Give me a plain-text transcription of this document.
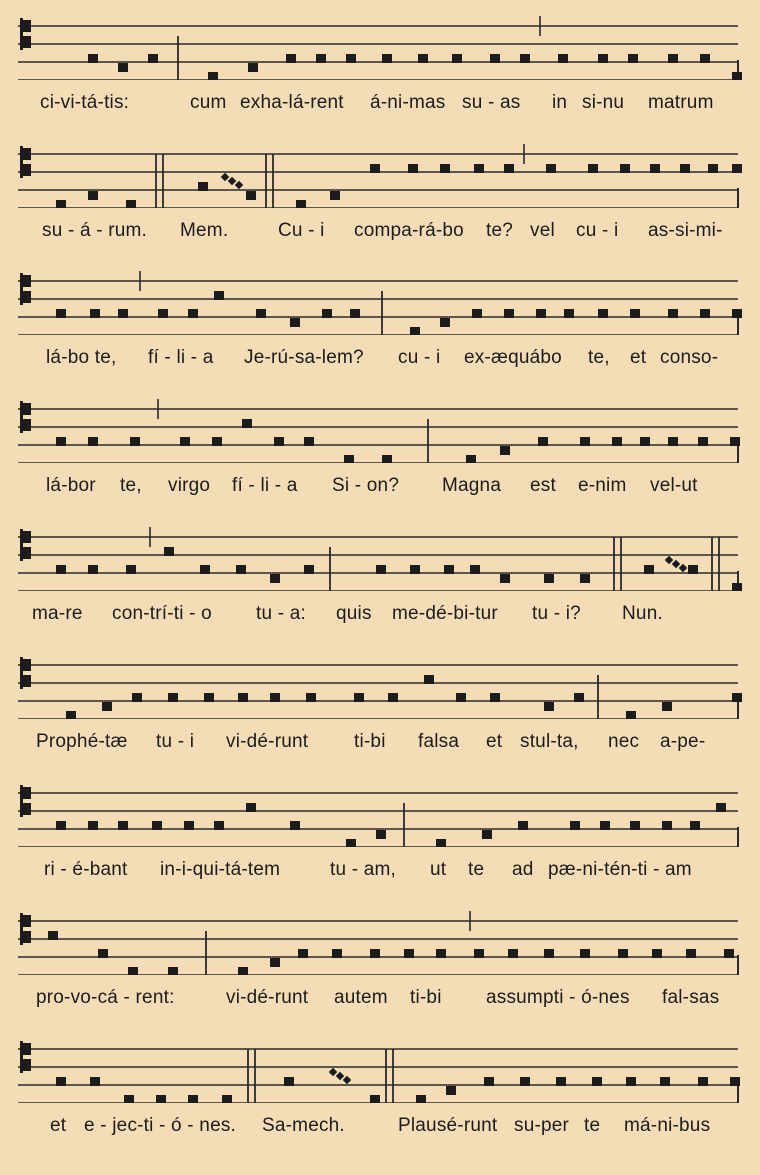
ci-vi-tá-tis:	cum exha-lá-rent á-ni-mas su - as in si-nu matrum
su - á - rum. Mem.	Cu - i compa-rá-bo te? vel cu - i as-si-mi-
lá-bo te, fí - li - a Je-rú-sa-lem? cu - i ex-æquábo te, et conso-
lá-bor te, virgo fí - li - a Si - on? Magna est e-nim vel-ut
ma-re con-trí-ti - o tu - a: quis me-dé-bi-tur tu - i? Nun.
Prophé-tæ tu - i vi-dé-runt ti-bi falsa et stul-ta, nec a-pe-
ri - é-bant in-i-qui-tá-tem	tu - am, ut te ad pæ-ni-tén-ti - am
pro-vo-cá - rent:	vi-dé-runt autem ti-bi assumpti - ó-nes fal-sas
et e - jec-ti - ó - nes. Sa-mech.	Plausé-runt su-per te má-ni-bus
